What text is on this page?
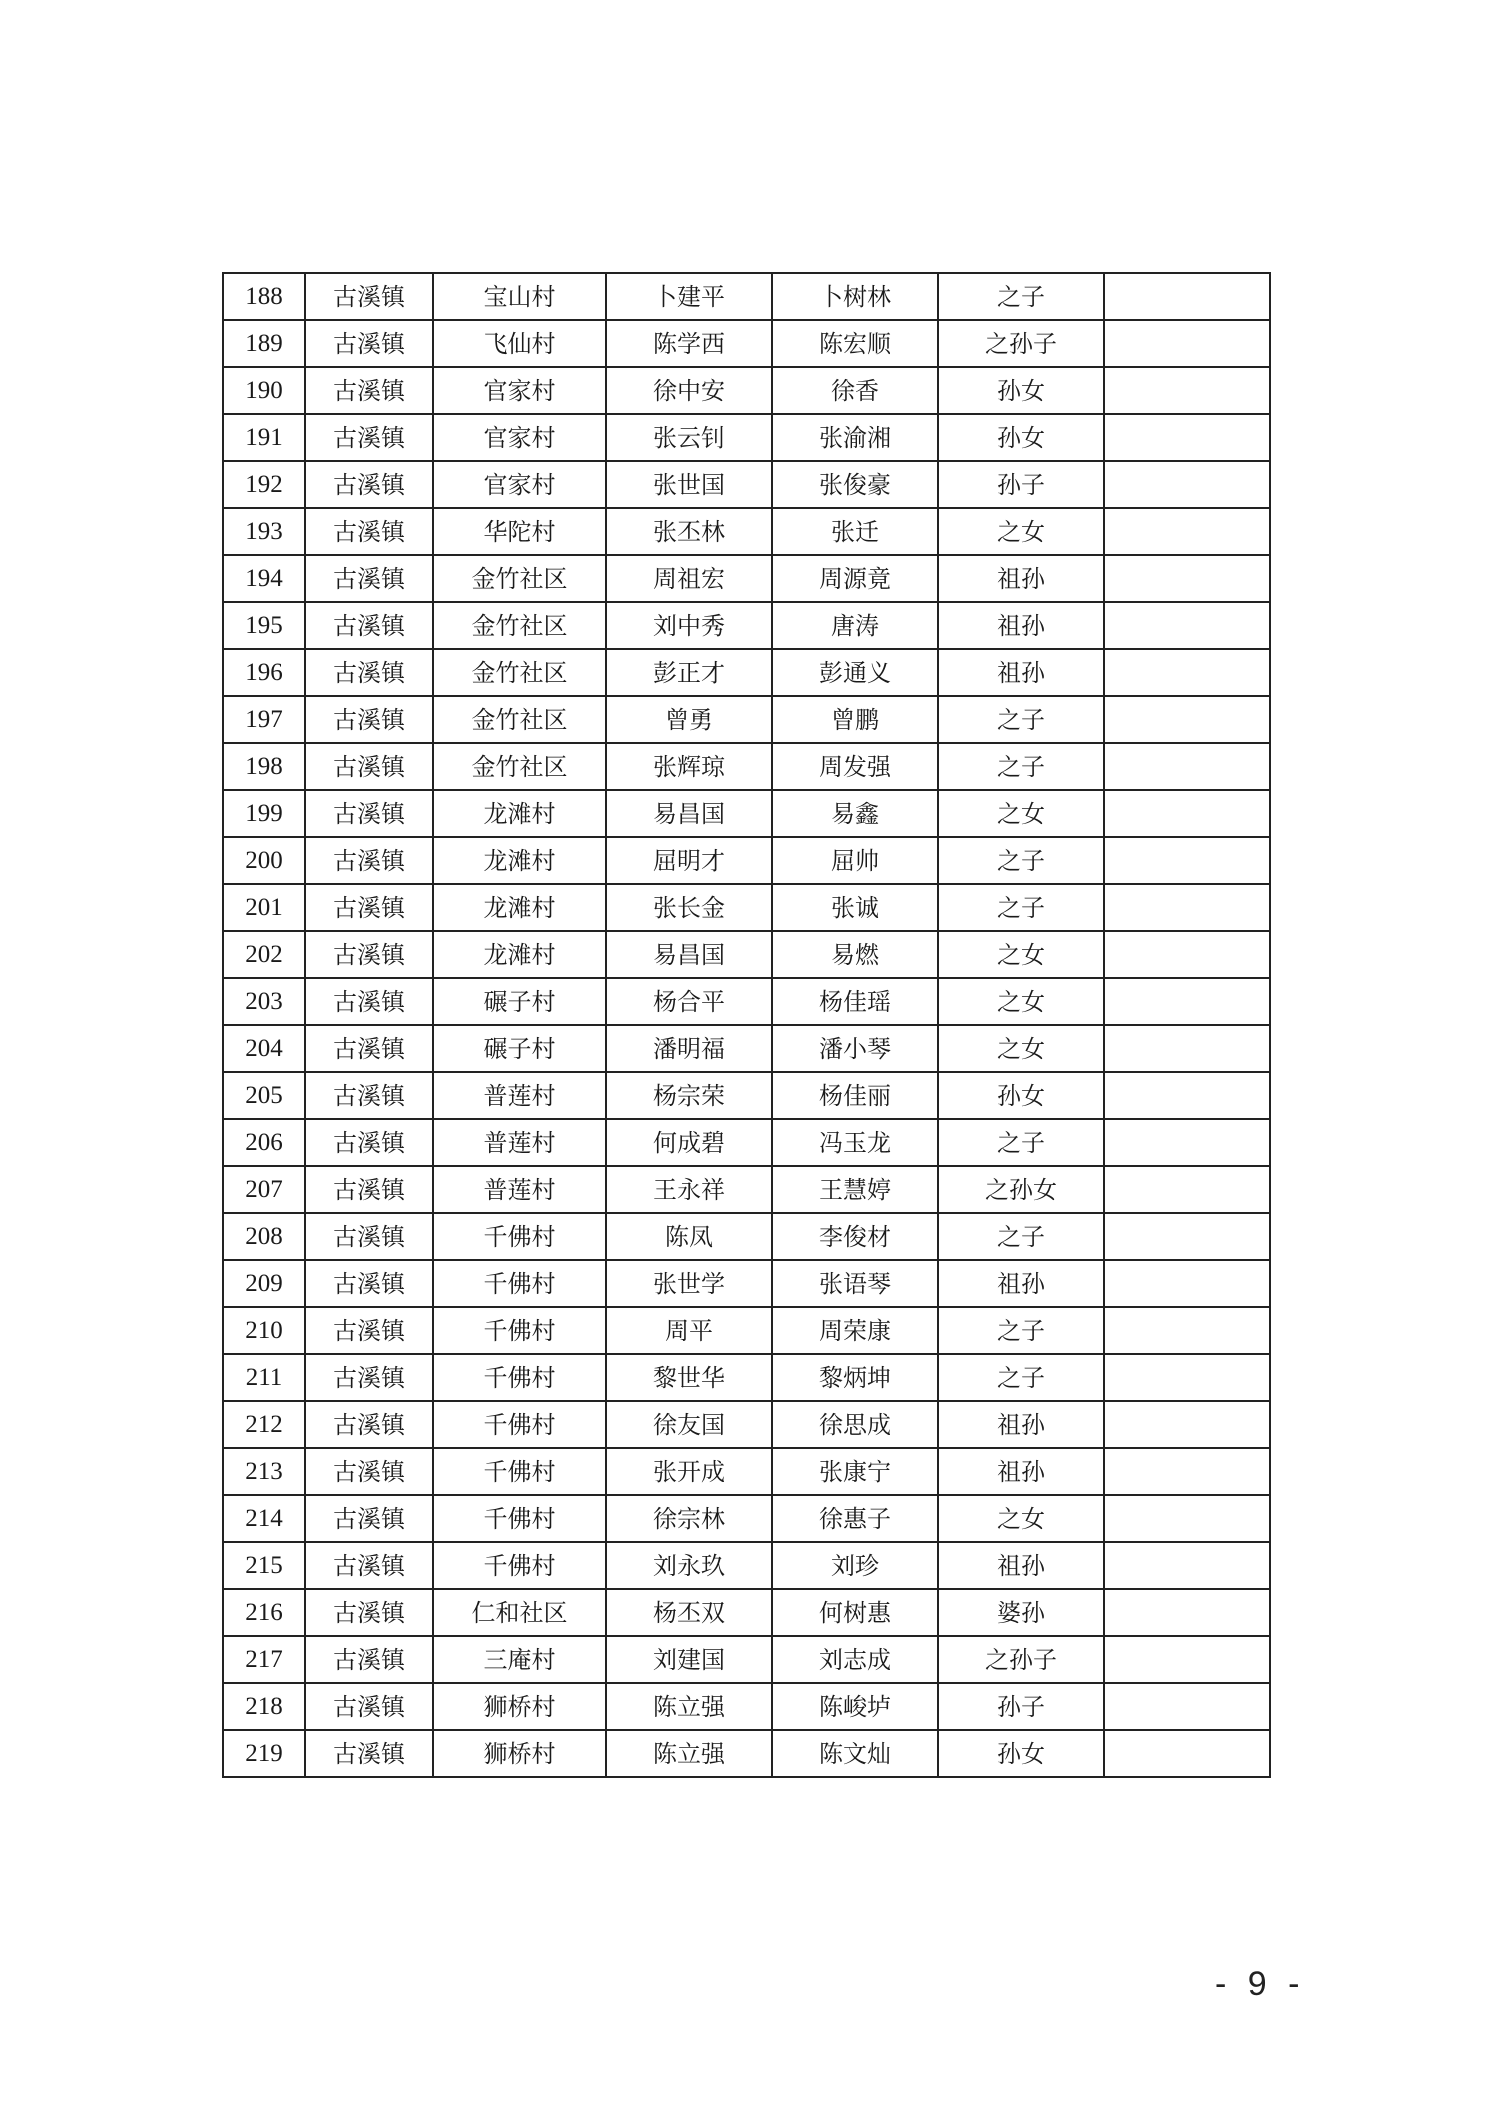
188	古溪镇	宝山村	卜建平	卜树林	之子	
189	古溪镇	飞仙村	陈学西	陈宏顺	之孙子	
190	古溪镇	官家村	徐中安	徐香	孙女	
191	古溪镇	官家村	张云钊	张渝湘	孙女	
192	古溪镇	官家村	张世国	张俊豪	孙子	
193	古溪镇	华陀村	张丕林	张迁	之女	
194	古溪镇	金竹社区	周祖宏	周源竟	祖孙	
195	古溪镇	金竹社区	刘中秀	唐涛	祖孙	
196	古溪镇	金竹社区	彭正才	彭通义	祖孙	
197	古溪镇	金竹社区	曾勇	曾鹏	之子	
198	古溪镇	金竹社区	张辉琼	周发强	之子	
199	古溪镇	龙滩村	易昌国	易鑫	之女	
200	古溪镇	龙滩村	屈明才	屈帅	之子	
201	古溪镇	龙滩村	张长金	张诚	之子	
202	古溪镇	龙滩村	易昌国	易燃	之女	
203	古溪镇	碾子村	杨合平	杨佳瑶	之女	
204	古溪镇	碾子村	潘明福	潘小琴	之女	
205	古溪镇	普莲村	杨宗荣	杨佳丽	孙女	
206	古溪镇	普莲村	何成碧	冯玉龙	之子	
207	古溪镇	普莲村	王永祥	王慧婷	之孙女	
208	古溪镇	千佛村	陈凤	李俊材	之子	
209	古溪镇	千佛村	张世学	张语琴	祖孙	
210	古溪镇	千佛村	周平	周荣康	之子	
211	古溪镇	千佛村	黎世华	黎炳坤	之子	
212	古溪镇	千佛村	徐友国	徐思成	祖孙	
213	古溪镇	千佛村	张开成	张康宁	祖孙	
214	古溪镇	千佛村	徐宗林	徐惠子	之女	
215	古溪镇	千佛村	刘永玖	刘珍	祖孙	
216	古溪镇	仁和社区	杨丕双	何树惠	婆孙	
217	古溪镇	三庵村	刘建国	刘志成	之孙子	
218	古溪镇	狮桥村	陈立强	陈峻垆	孙子	
219	古溪镇	狮桥村	陈立强	陈文灿	孙女	
- 9 -
